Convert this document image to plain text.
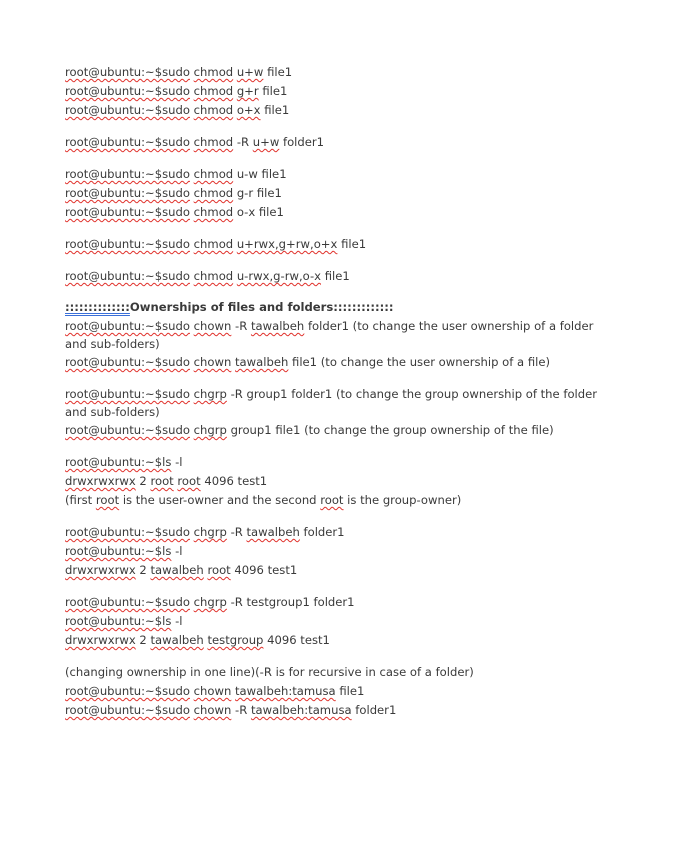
root@ubuntu:~$sudo chmod u+w file1
root@ubuntu:~$sudo chmod g+r file1
root@ubuntu:~$sudo chmod o+x file1
root@ubuntu:~$sudo chmod -R u+w folder1
root@ubuntu:~$sudo chmod u-w file1
root@ubuntu:~$sudo chmod g-r file1
root@ubuntu:~$sudo chmod o-x file1
root@ubuntu:~$sudo chmod u+rwx,g+rw,o+x file1
root@ubuntu:~$sudo chmod u-rwx,g-rw,o-x file1
::::::::::::::Ownerships of files and folders:::::::::::::
root@ubuntu:~$sudo chown -R tawalbeh folder1 (to change the user ownership of a folder and sub-folders)
root@ubuntu:~$sudo chown tawalbeh file1 (to change the user ownership of a file)
root@ubuntu:~$sudo chgrp -R group1 folder1 (to change the group ownership of the folder and sub-folders)
root@ubuntu:~$sudo chgrp group1 file1 (to change the group ownership of the file)
root@ubuntu:~$ls -l
drwxrwxrwx 2 root root 4096 test1
(first root is the user-owner and the second root is the group-owner)
root@ubuntu:~$sudo chgrp -R tawalbeh folder1
root@ubuntu:~$ls -l
drwxrwxrwx 2 tawalbeh root 4096 test1
root@ubuntu:~$sudo chgrp -R testgroup1 folder1
root@ubuntu:~$ls -l
drwxrwxrwx 2 tawalbeh testgroup 4096 test1
(changing ownership in one line)(-R is for recursive in case of a folder)
root@ubuntu:~$sudo chown tawalbeh:tamusa file1
root@ubuntu:~$sudo chown -R tawalbeh:tamusa folder1
